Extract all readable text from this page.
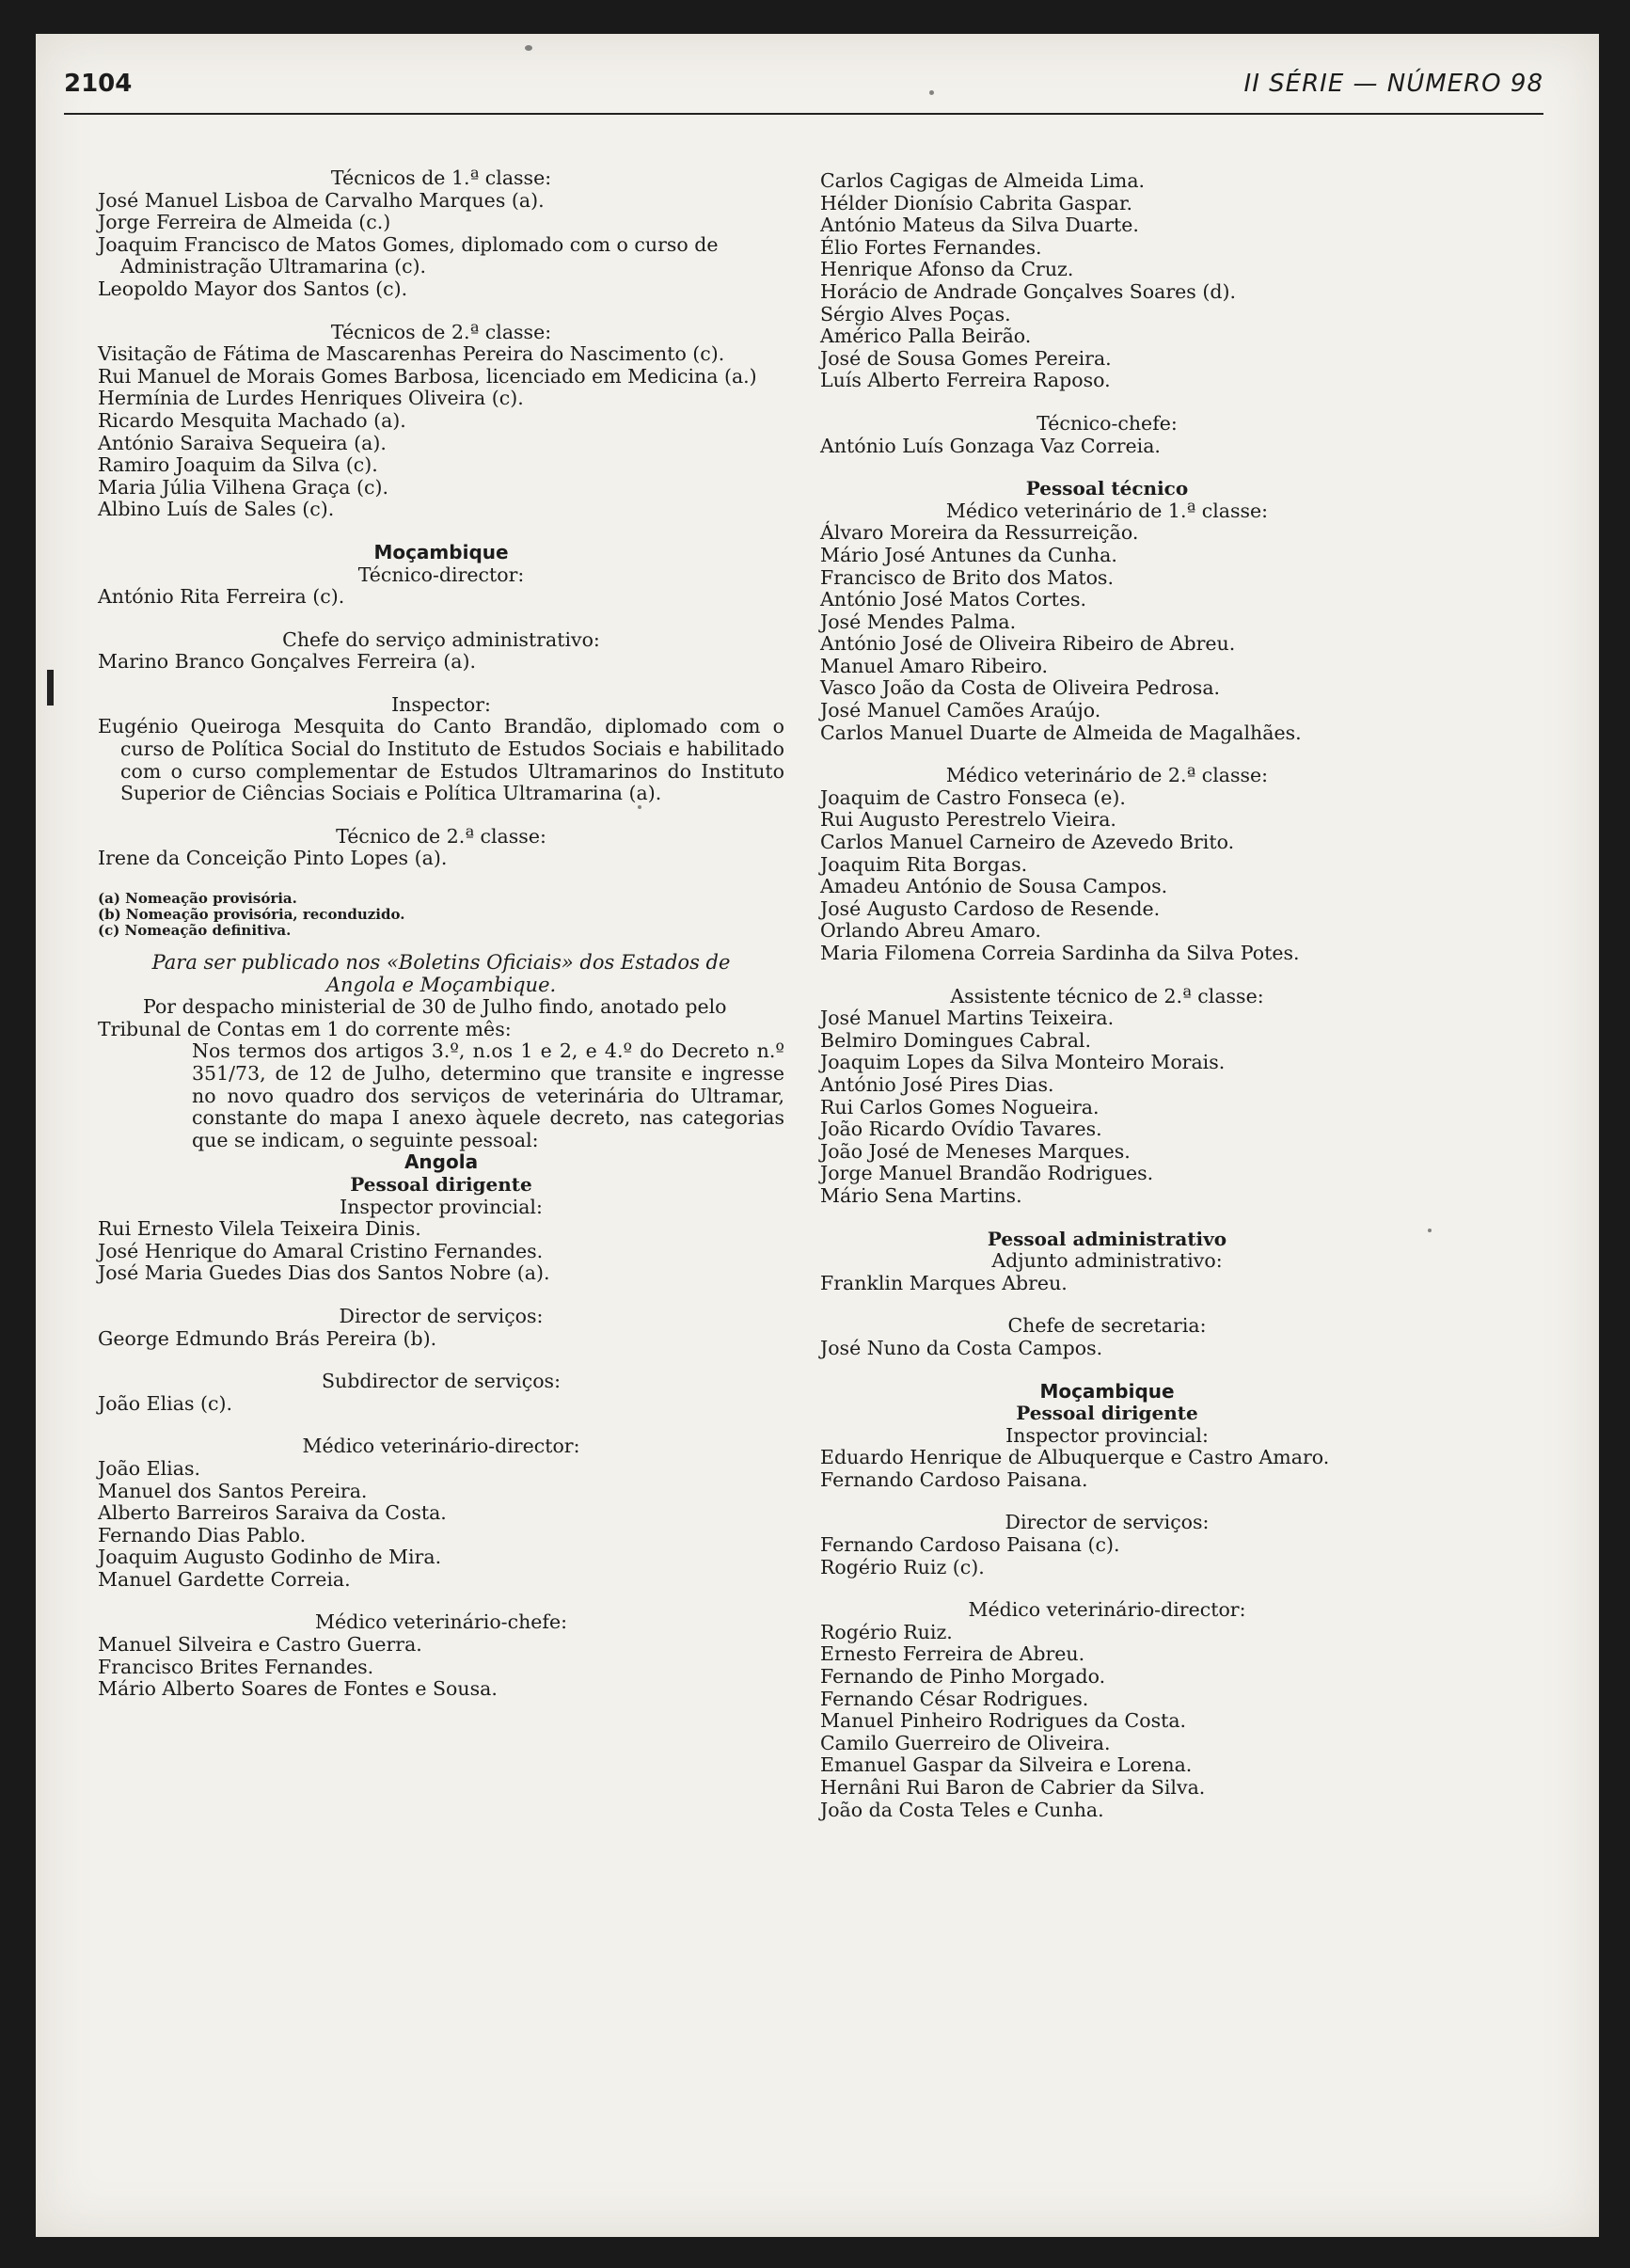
2104	II SÉRIE — NÚMERO 98

Técnicos de 1.ª classe:

José Manuel Lisboa de Carvalho Marques (a).

Jorge Ferreira de Almeida (c.)

Joaquim Francisco de Matos Gomes, diplomado com o curso de Administração Ultramarina (c).

Leopoldo Mayor dos Santos (c).

Técnicos de 2.ª classe:

Visitação de Fátima de Mascarenhas Pereira do Nascimento (c).

Rui Manuel de Morais Gomes Barbosa, licenciado em Medicina (a.)

Hermínia de Lurdes Henriques Oliveira (c).

Ricardo Mesquita Machado (a).

António Saraiva Sequeira (a).

Ramiro Joaquim da Silva (c).

Maria Júlia Vilhena Graça (c).

Albino Luís de Sales (c).

Moçambique

Técnico-director:

António Rita Ferreira (c).

Chefe do serviço administrativo:

Marino Branco Gonçalves Ferreira (a).

Inspector:

Eugénio Queiroga Mesquita do Canto Brandão, diplomado com o curso de Política Social do Instituto de Estudos Sociais e habilitado com o curso complementar de Estudos Ultramarinos do Instituto Superior de Ciências Sociais e Política Ultramarina (a).

Técnico de 2.ª classe:

Irene da Conceição Pinto Lopes (a).

(a) Nomeação provisória.

(b) Nomeação provisória, reconduzido.

(c) Nomeação definitiva.

Para ser publicado nos «Boletins Oficiais» dos Estados de Angola e Moçambique.

Por despacho ministerial de 30 de Julho findo, anotado pelo Tribunal de Contas em 1 do corrente mês:

Nos termos dos artigos 3.º, n.os 1 e 2, e 4.º do Decreto n.º 351/73, de 12 de Julho, determino que transite e ingresse no novo quadro dos serviços de veterinária do Ultramar, constante do mapa I anexo àquele decreto, nas categorias que se indicam, o seguinte pessoal:

Angola

Pessoal dirigente

Inspector provincial:

Rui Ernesto Vilela Teixeira Dinis.

José Henrique do Amaral Cristino Fernandes.

José Maria Guedes Dias dos Santos Nobre (a).

Director de serviços:

George Edmundo Brás Pereira (b).

Subdirector de serviços:

João Elias (c).

Médico veterinário-director:

João Elias.

Manuel dos Santos Pereira.

Alberto Barreiros Saraiva da Costa.

Fernando Dias Pablo.

Joaquim Augusto Godinho de Mira.

Manuel Gardette Correia.

Médico veterinário-chefe:

Manuel Silveira e Castro Guerra.

Francisco Brites Fernandes.

Mário Alberto Soares de Fontes e Sousa.

Carlos Cagigas de Almeida Lima.

Hélder Dionísio Cabrita Gaspar.

António Mateus da Silva Duarte.

Élio Fortes Fernandes.

Henrique Afonso da Cruz.

Horácio de Andrade Gonçalves Soares (d).

Sérgio Alves Poças.

Américo Palla Beirão.

José de Sousa Gomes Pereira.

Luís Alberto Ferreira Raposo.

Técnico-chefe:

António Luís Gonzaga Vaz Correia.

Pessoal técnico

Médico veterinário de 1.ª classe:

Álvaro Moreira da Ressurreição.

Mário José Antunes da Cunha.

Francisco de Brito dos Matos.

António José Matos Cortes.

José Mendes Palma.

António José de Oliveira Ribeiro de Abreu.

Manuel Amaro Ribeiro.

Vasco João da Costa de Oliveira Pedrosa.

José Manuel Camões Araújo.

Carlos Manuel Duarte de Almeida de Magalhães.

Médico veterinário de 2.ª classe:

Joaquim de Castro Fonseca (e).

Rui Augusto Perestrelo Vieira.

Carlos Manuel Carneiro de Azevedo Brito.

Joaquim Rita Borgas.

Amadeu António de Sousa Campos.

José Augusto Cardoso de Resende.

Orlando Abreu Amaro.

Maria Filomena Correia Sardinha da Silva Potes.

Assistente técnico de 2.ª classe:

José Manuel Martins Teixeira.

Belmiro Domingues Cabral.

Joaquim Lopes da Silva Monteiro Morais.

António José Pires Dias.

Rui Carlos Gomes Nogueira.

João Ricardo Ovídio Tavares.

João José de Meneses Marques.

Jorge Manuel Brandão Rodrigues.

Mário Sena Martins.

Pessoal administrativo

Adjunto administrativo:

Franklin Marques Abreu.

Chefe de secretaria:

José Nuno da Costa Campos.

Moçambique

Pessoal dirigente

Inspector provincial:

Eduardo Henrique de Albuquerque e Castro Amaro.

Fernando Cardoso Paisana.

Director de serviços:

Fernando Cardoso Paisana (c).

Rogério Ruiz (c).

Médico veterinário-director:

Rogério Ruiz.

Ernesto Ferreira de Abreu.

Fernando de Pinho Morgado.

Fernando César Rodrigues.

Manuel Pinheiro Rodrigues da Costa.

Camilo Guerreiro de Oliveira.

Emanuel Gaspar da Silveira e Lorena.

Hernâni Rui Baron de Cabrier da Silva.

João da Costa Teles e Cunha.
